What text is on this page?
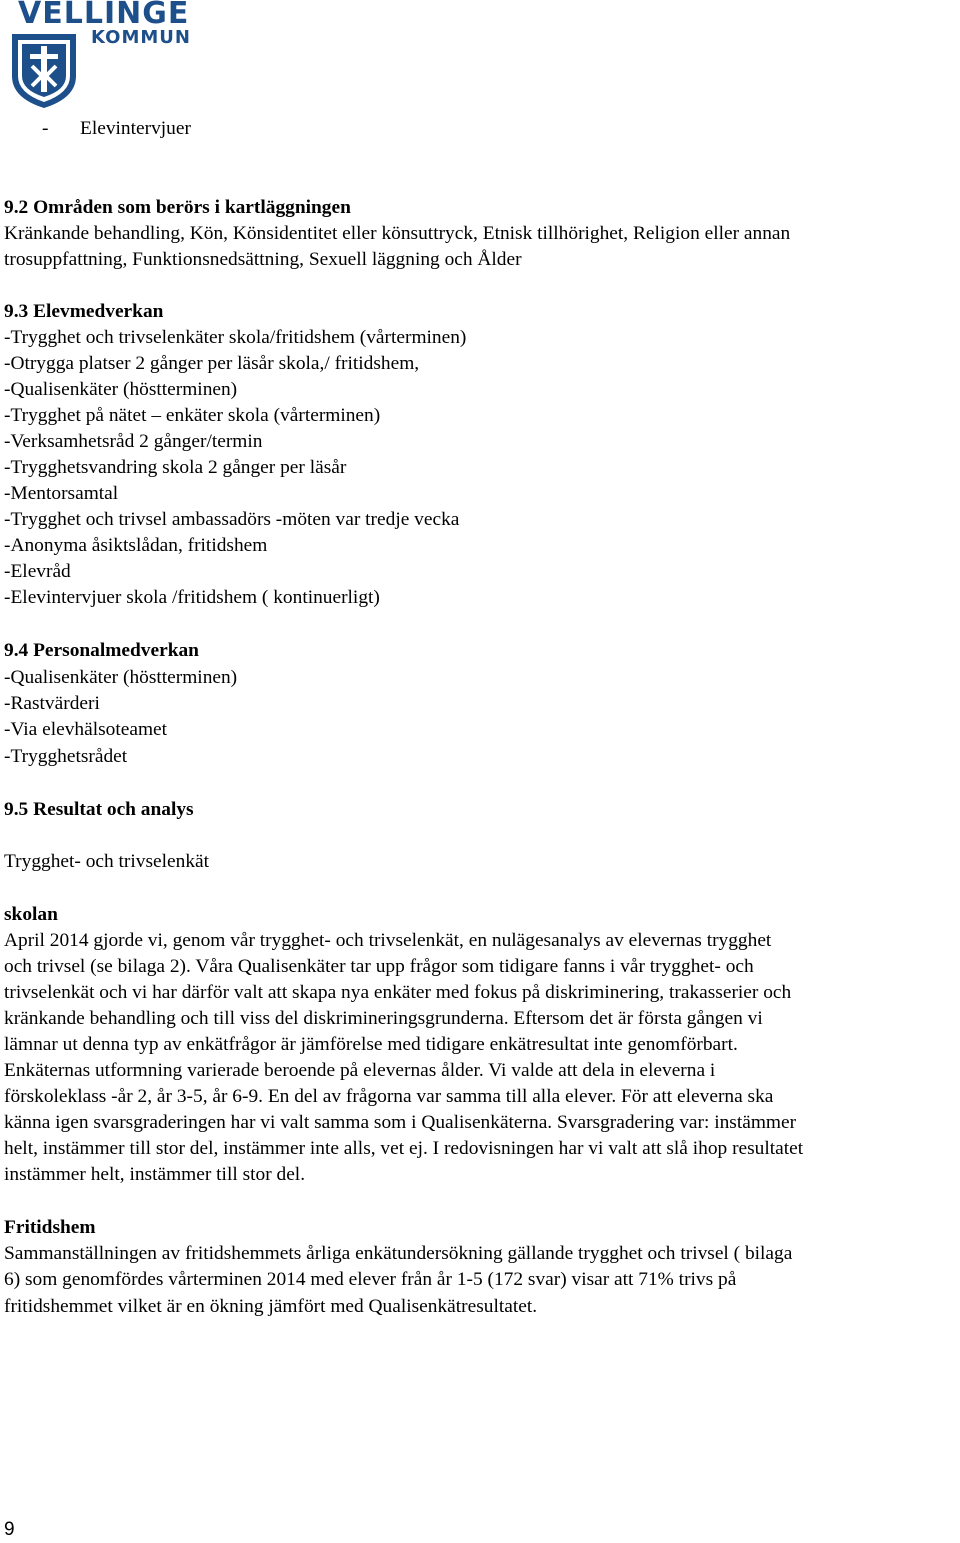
VELLINGE
KOMMUN
- Elevintervjuer
9.2 Områden som berörs i kartläggningen
Kränkande behandling, Kön, Könsidentitet eller könsuttryck, Etnisk tillhörighet, Religion eller annan
trosuppfattning, Funktionsnedsättning, Sexuell läggning och Ålder
9.3 Elevmedverkan
-Trygghet och trivselenkäter skola/fritidshem (vårterminen)
-Otrygga platser 2 gånger per läsår skola,/ fritidshem,
-Qualisenkäter (höstterminen)
-Trygghet på nätet – enkäter skola (vårterminen)
-Verksamhetsråd 2 gånger/termin
-Trygghetsvandring skola 2 gånger per läsår
-Mentorsamtal
-Trygghet och trivsel ambassadörs -möten var tredje vecka
-Anonyma åsiktslådan, fritidshem
-Elevråd
-Elevintervjuer skola /fritidshem ( kontinuerligt)
9.4 Personalmedverkan
-Qualisenkäter (höstterminen)
-Rastvärderi
-Via elevhälsoteamet
-Trygghetsrådet
9.5 Resultat och analys
Trygghet- och trivselenkät
skolan
April 2014 gjorde vi, genom vår trygghet- och trivselenkät, en nulägesanalys av elevernas trygghet
och trivsel (se bilaga 2). Våra Qualisenkäter tar upp frågor som tidigare fanns i vår trygghet- och
trivselenkät och vi har därför valt att skapa nya enkäter med fokus på diskriminering, trakasserier och
kränkande behandling och till viss del diskrimineringsgrunderna. Eftersom det är första gången vi
lämnar ut denna typ av enkätfrågor är jämförelse med tidigare enkätresultat inte genomförbart.
Enkäternas utformning varierade beroende på elevernas ålder. Vi valde att dela in eleverna i
förskoleklass -år 2, år 3-5, år 6-9. En del av frågorna var samma till alla elever. För att eleverna ska
känna igen svarsgraderingen har vi valt samma som i Qualisenkäterna. Svarsgradering var: instämmer
helt, instämmer till stor del, instämmer inte alls, vet ej. I redovisningen har vi valt att slå ihop resultatet
instämmer helt, instämmer till stor del.
Fritidshem
Sammanställningen av fritidshemmets årliga enkätundersökning gällande trygghet och trivsel ( bilaga
6) som genomfördes vårterminen 2014 med elever från år 1-5 (172 svar) visar att 71% trivs på
fritidshemmet vilket är en ökning jämfört med Qualisenkätresultatet.
9
